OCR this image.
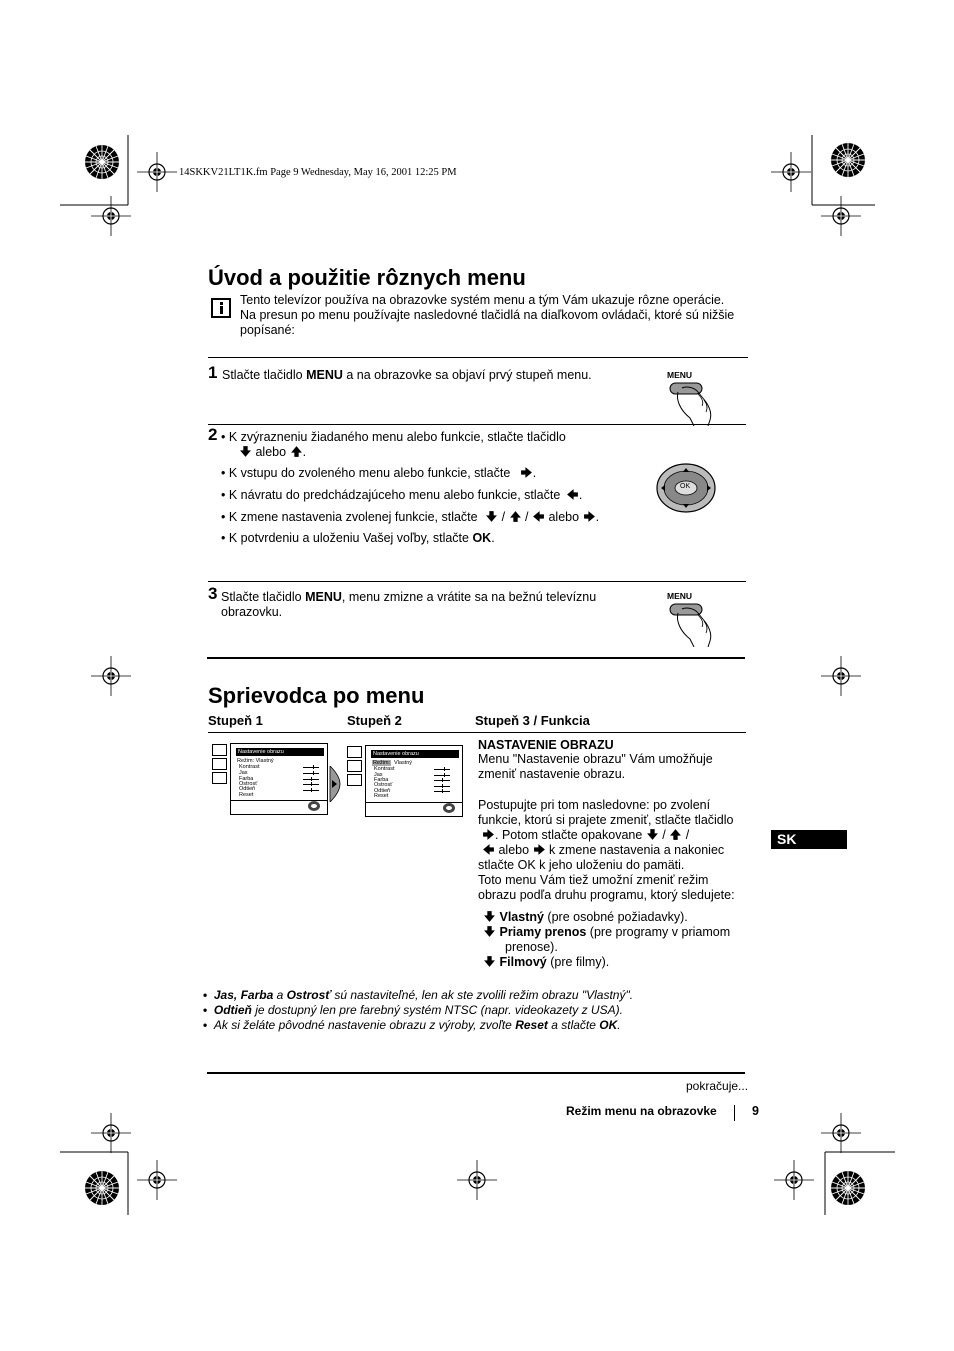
14SKKV21LT1K.fm Page 9 Wednesday, May 16, 2001 12:25 PM
Úvod a použitie rôznych menu
Tento televízor používa na obrazovke systém menu a tým Vám ukazuje rôzne operácie.
Na presun po menu používajte nasledovné tlačidlá na diaľkovom ovládači, ktoré sú nižšie
popísané:
1 Stlačte tlačidlo MENU a na obrazovke sa objaví prvý stupeň menu.	MENU
2 • K zvýrazneniu žiadaného menu alebo funkcie, stlačte tlačidlo
alebo .
• K vstupu do zvoleného menu alebo funkcie, stlačte .
• K návratu do predchádzajúceho menu alebo funkcie, stlačte .
• K zmene nastavenia zvolenej funkcie, stlačte / / alebo .
• K potvrdeniu a uloženiu Vašej voľby, stlačte OK.
OK
3 Stlačte tlačidlo MENU, menu zmizne a vrátite sa na bežnú televíznu
obrazovku.
MENU
Sprievodca po menu
Stupeň 1	Stupeň 2	Stupeň 3 / Funkcia
Nastavenie obrazu
Režim: Vlastný
Kontrast
Jas
Farba
Ostrosť
Odtieň
Reset
Nastavenie obrazu
Režim: Vlastný
Kontrast
Jas
Farba
Ostrosť
Odtieň
Reset
NASTAVENIE OBRAZU
Menu "Nastavenie obrazu" Vám umožňuje
zmeniť nastavenie obrazu.
Postupujte pri tom nasledovne: po zvolení
funkcie, ktorú si prajete zmeniť, stlačte tlačidlo
. Potom stlačte opakovane / /
alebo k zmene nastavenia a nakoniec
stlačte OK k jeho uloženiu do pamäti.
Toto menu Vám tiež umožní zmeniť režim
obrazu podľa druhu programu, ktorý sledujete:
Vlastný (pre osobné požiadavky).
Priamy prenos (pre programy v priamom
prenose).
Filmový (pre filmy).
SK
• Jas, Farba a Ostrosť sú nastaviteľné, len ak ste zvolili režim obrazu "Vlastný".
• Odtieň je dostupný len pre farebný systém NTSC (napr. videokazety z USA).
• Ak si želáte pôvodné nastavenie obrazu z výroby, zvoľte Reset a stlačte OK.
pokračuje...
Režim menu na obrazovke	9
